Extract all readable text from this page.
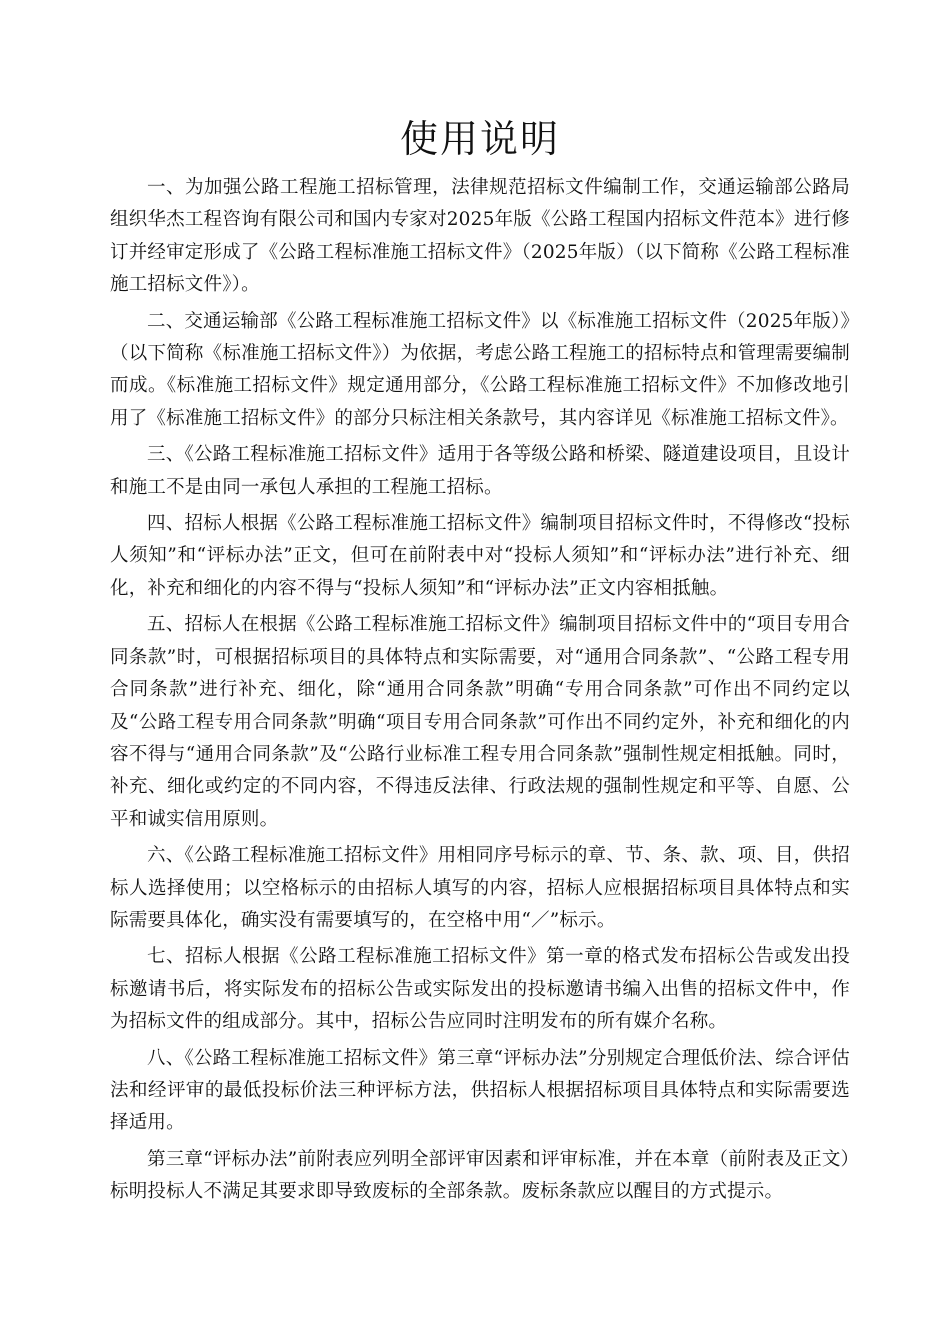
使用说明

一、为加强公路工程施工招标管理，法律规范招标文件编制工作，交通运输部公路局组织华杰工程咨询有限公司和国内专家对2025年版《公路工程国内招标文件范本》进行修订并经审定形成了《公路工程标准施工招标文件》（2025年版）（以下简称《公路工程标准施工招标文件》）。

二、交通运输部《公路工程标准施工招标文件》以《标准施工招标文件（2025年版）》（以下简称《标准施工招标文件》）为依据，考虑公路工程施工的招标特点和管理需要编制而成。《标准施工招标文件》规定通用部分，《公路工程标准施工招标文件》不加修改地引用了《标准施工招标文件》的部分只标注相关条款号，其内容详见《标准施工招标文件》。

三、《公路工程标准施工招标文件》适用于各等级公路和桥梁、隧道建设项目，且设计和施工不是由同一承包人承担的工程施工招标。

四、招标人根据《公路工程标准施工招标文件》编制项目招标文件时，不得修改“投标人须知”和“评标办法”正文，但可在前附表中对“投标人须知”和“评标办法”进行补充、细化，补充和细化的内容不得与“投标人须知”和“评标办法”正文内容相抵触。

五、招标人在根据《公路工程标准施工招标文件》编制项目招标文件中的“项目专用合同条款”时，可根据招标项目的具体特点和实际需要，对“通用合同条款”、“公路工程专用合同条款”进行补充、细化，除“通用合同条款”明确“专用合同条款”可作出不同约定以及“公路工程专用合同条款”明确“项目专用合同条款”可作出不同约定外，补充和细化的内容不得与“通用合同条款”及“公路行业标准工程专用合同条款”强制性规定相抵触。同时，补充、细化或约定的不同内容，不得违反法律、行政法规的强制性规定和平等、自愿、公平和诚实信用原则。

六、《公路工程标准施工招标文件》用相同序号标示的章、节、条、款、项、目，供招标人选择使用；以空格标示的由招标人填写的内容，招标人应根据招标项目具体特点和实际需要具体化，确实没有需要填写的，在空格中用“／”标示。

七、招标人根据《公路工程标准施工招标文件》第一章的格式发布招标公告或发出投标邀请书后，将实际发布的招标公告或实际发出的投标邀请书编入出售的招标文件中，作为招标文件的组成部分。其中，招标公告应同时注明发布的所有媒介名称。

八、《公路工程标准施工招标文件》第三章“评标办法”分别规定合理低价法、综合评估法和经评审的最低投标价法三种评标方法，供招标人根据招标项目具体特点和实际需要选择适用。

第三章“评标办法”前附表应列明全部评审因素和评审标准，并在本章（前附表及正文）标明投标人不满足其要求即导致废标的全部条款。废标条款应以醒目的方式提示。
